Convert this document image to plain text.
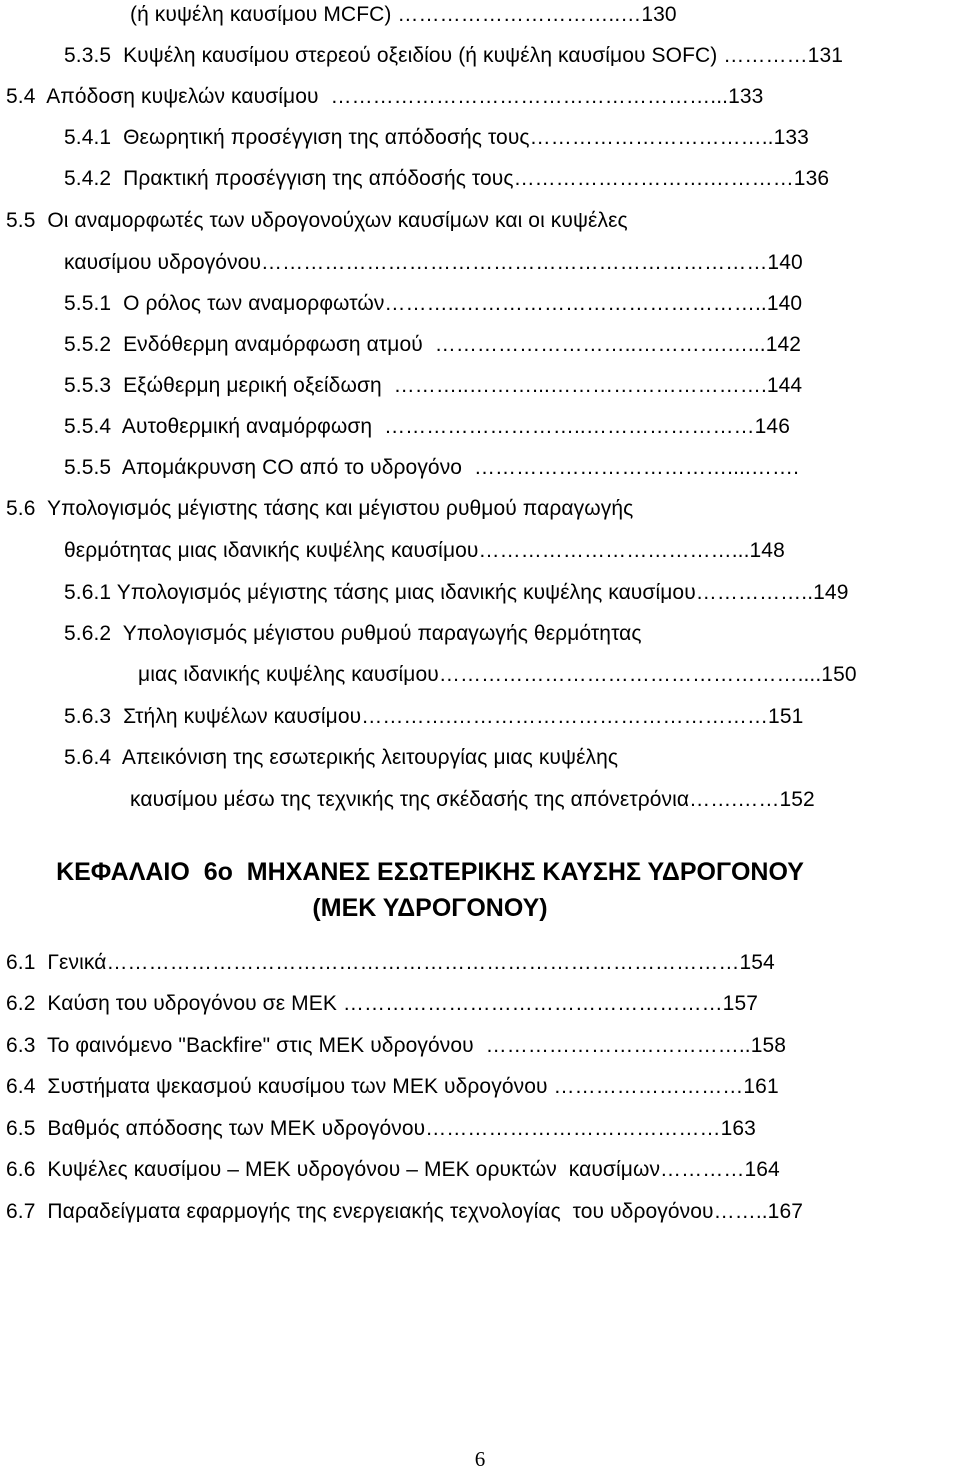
(ή κυψέλη καυσίμου MCFC) …………………………..…130
5.3.5  Κυψέλη καυσίμου στερεού οξειδίου (ή κυψέλη καυσίμου SOFC) …………131
5.4  Απόδοση κυψελών καυσίμου  ………………………………………………...133
5.4.1  Θεωρητική προσέγγιση της απόδοσής τους……………………………..133
5.4.2  Πρακτική προσέγγιση της απόδοσής τους……………………….…………136
5.5  Οι αναμορφωτές των υδρογονούχων καυσίμων και οι κυψέλες
καυσίμου υδρογόνου………………………………………………………………140
5.5.1  Ο ρόλος των αναμορφωτών………..……………………………………..140
5.5.2  Ενδόθερμη αναμόρφωση ατμού  ………………………..………….…...142
5.5.3  Εξώθερμη μερική οξείδωση  ………..………...………………………….144
5.5.4  Αυτοθερμική αναμόρφωση  ………………………..……………………146
5.5.5  Απομάκρυνση CO από το υδρογόνο  ………………………………....…….
5.6  Υπολογισμός μέγιστης τάσης και μέγιστου ρυθμού παραγωγής
θερμότητας μιας ιδανικής κυψέλης καυσίμου………………………………...148
5.6.1 Υπολογισμός μέγιστης τάσης μιας ιδανικής κυψέλης καυσίμου……………..149
5.6.2  Υπολογισμός μέγιστου ρυθμού παραγωγής θερμότητας
μιας ιδανικής κυψέλης καυσίμου……………………………………………....150
5.6.3  Στήλη κυψέλων καυσίμου………….………………………………………151
5.6.4  Απεικόνιση της εσωτερικής λειτουργίας μιας κυψέλης
καυσίμου μέσω της τεχνικής της σκέδασής της απόνετρόνια…….……152
ΚΕΦΑΛΑΙΟ  6ο  ΜΗΧΑΝΕΣ ΕΣΩΤΕΡΙΚΗΣ ΚΑΥΣΗΣ ΥΔΡΟΓΟΝΟΥ
(ΜΕΚ ΥΔΡΟΓΟΝΟΥ)
6.1  Γενικά………………………………………………………………………………154
6.2  Καύση του υδρογόνου σε ΜΕΚ ………………………………………………157
6.3  Το φαινόμενο "Backfire" στις ΜΕΚ υδρογόνου  ………………………………..158
6.4  Συστήματα ψεκασμού καυσίμου των ΜΕΚ υδρογόνου ………………………161
6.5  Βαθμός απόδοσης των ΜΕΚ υδρογόνου……………………………………163
6.6  Κυψέλες καυσίμου – ΜΕΚ υδρογόνου – ΜΕΚ ορυκτών  καυσίμων…………164
6.7  Παραδείγματα εφαρμογής της ενεργειακής τεχνολογίας  του υδρογόνου……..167
6
